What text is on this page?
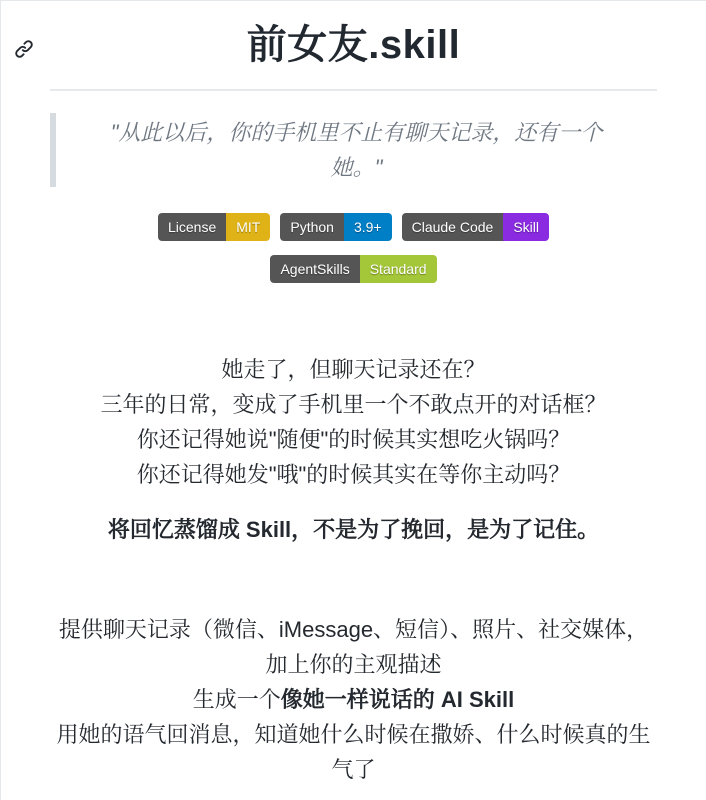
前女友.skill

"从此以后，你的手机里不止有聊天记录，还有一个她。"

License	MIT	Python	3.9+	Claude Code	Skill
AgentSkills	Standard

她走了，但聊天记录还在？
三年的日常，变成了手机里一个不敢点开的对话框？
你还记得她说"随便"的时候其实想吃火锅吗？
你还记得她发"哦"的时候其实在等你主动吗？

将回忆蒸馏成 Skill，不是为了挽回，是为了记住。

提供聊天记录（微信、iMessage、短信）、照片、社交媒体，加上你的主观描述
生成一个像她一样说话的 AI Skill
用她的语气回消息，知道她什么时候在撒娇、什么时候真的生气了
